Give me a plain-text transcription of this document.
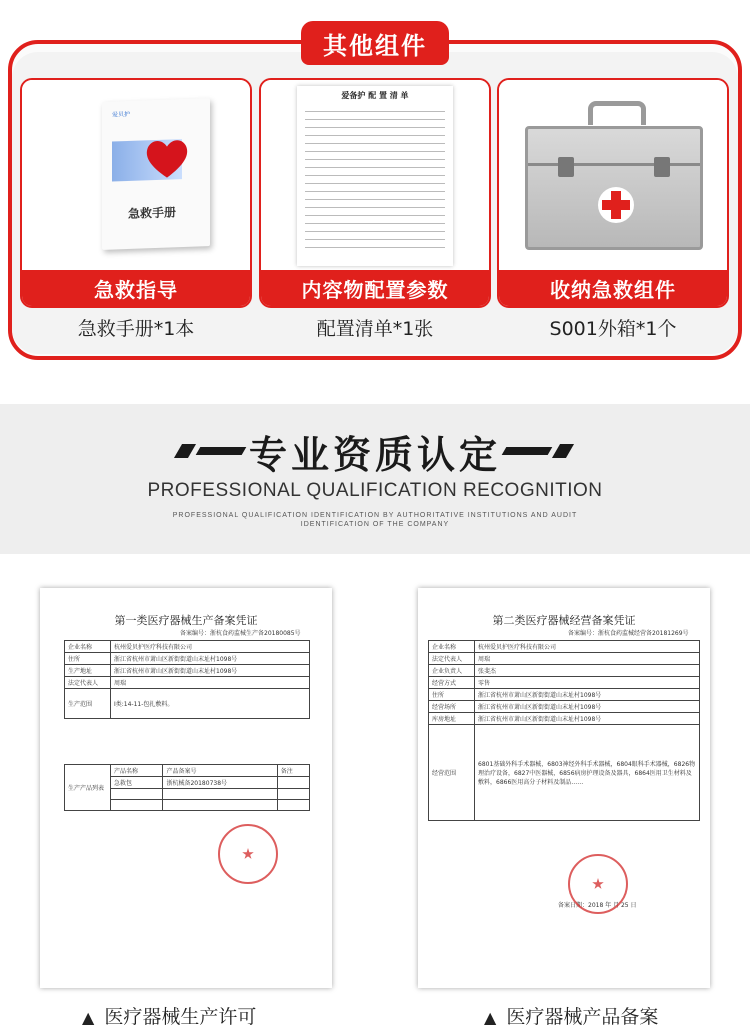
其他组件
爱贝护
急救手册
急救指导
急救手册*1本
爱备护 配 置 清 单
内容物配置参数
配置清单*1张
收纳急救组件
S001外箱*1个
专业资质认定
PROFESSIONAL QUALIFICATION RECOGNITION
PROFESSIONAL QUALIFICATION IDENTIFICATION BY AUTHORITATIVE INSTITUTIONS AND AUDIT
IDENTIFICATION OF THE COMPANY
第一类医疗器械生产备案凭证
备案编号：浙杭食药监械生产备20180085号
企业名称	杭州爱贝护医疗科技有限公司
住所	浙江省杭州市萧山区新街街道山末址村1098号
生产地址	浙江省杭州市萧山区新街街道山末址村1098号
法定代表人	周瑞
生产范围	Ⅰ类:14-11-包扎敷料。
生产产品列表	产品名称	产品备案号	备注
	急救包	浙杭械备20180738号	

▲ 医疗器械生产许可
第二类医疗器械经营备案凭证
备案编号：浙杭食药监械经营备20181269号
企业名称	杭州爱贝护医疗科技有限公司
法定代表人	周瑞
企业负责人	张斐杰
经营方式	零售
住所	浙江省杭州市萧山区新街街道山末址村1098号
经营场所	浙江省杭州市萧山区新街街道山末址村1098号
库房地址	浙江省杭州市萧山区新街街道山末址村1098号
经营范围	6801基础外科手术器械，6803神经外科手术器械，6804眼科手术器械，6826物理治疗设备，6827中医器械，6856病房护理设备及器具，6864医用卫生材料及敷料，6866医用高分子材料及制品……
备案日期：2018 年 月 25 日
▲ 医疗器械产品备案
